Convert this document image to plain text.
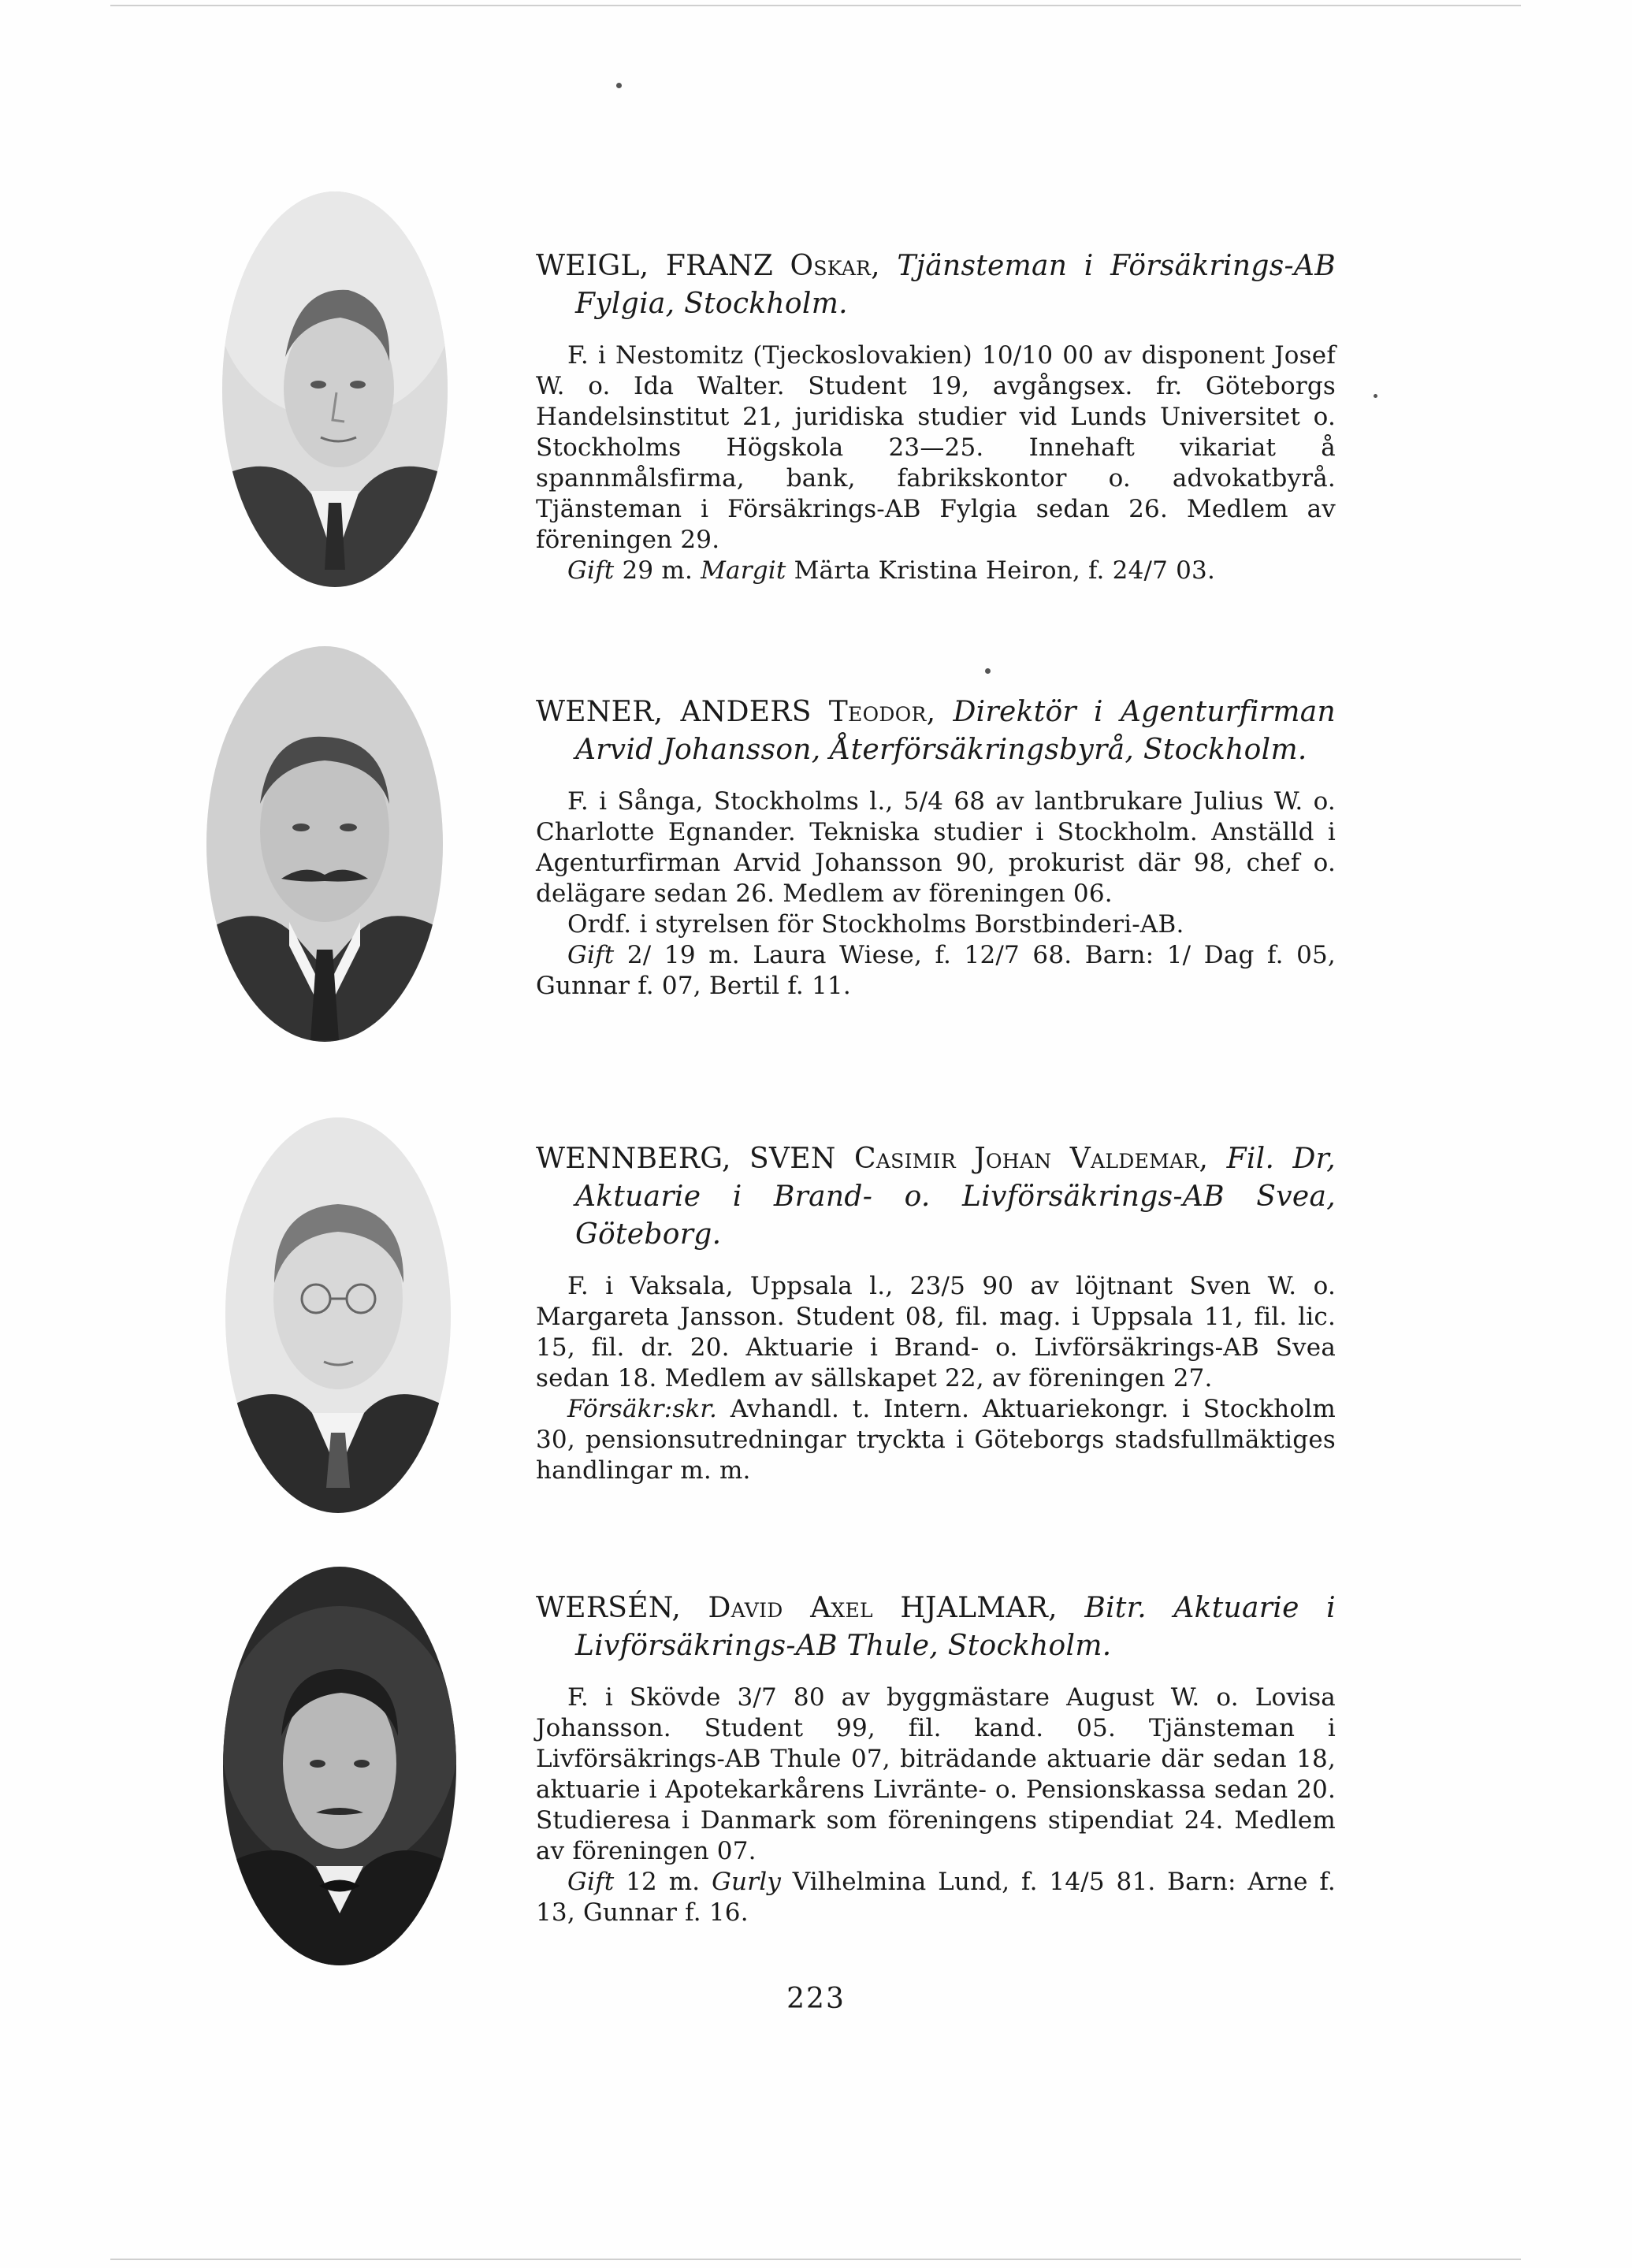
WEIGL, FRANZ Oskar, Tjänsteman i Försäkrings-AB Fylgia, Stockholm.

F. i Nestomitz (Tjeckoslovakien) 10/10 00 av disponent Josef W. o. Ida Walter. Student 19, avgångsex. fr. Göteborgs Handelsinstitut 21, juridiska studier vid Lunds Universitet o. Stockholms Högskola 23—25. Innehaft vikariat å spannmålsfirma, bank, fabrikskontor o. advokatbyrå. Tjänsteman i Försäkrings-AB Fylgia sedan 26. Medlem av föreningen 29.

Gift 29 m. Margit Märta Kristina Heiron, f. 24/7 03.

WENER, ANDERS Teodor, Direktör i Agenturfirman Arvid Johansson, Återförsäkringsbyrå, Stockholm.

F. i Sånga, Stockholms l., 5/4 68 av lantbrukare Julius W. o. Charlotte Egnander. Tekniska studier i Stockholm. Anställd i Agenturfirman Arvid Johansson 90, prokurist där 98, chef o. delägare sedan 26. Medlem av föreningen 06.

Ordf. i styrelsen för Stockholms Borstbinderi-AB.

Gift 2/ 19 m. Laura Wiese, f. 12/7 68. Barn: 1/ Dag f. 05, Gunnar f. 07, Bertil f. 11.

WENNBERG, SVEN Casimir Johan Valdemar, Fil. Dr, Aktuarie i Brand- o. Livförsäkrings-AB Svea, Göteborg.

F. i Vaksala, Uppsala l., 23/5 90 av löjtnant Sven W. o. Margareta Jansson. Student 08, fil. mag. i Uppsala 11, fil. lic. 15, fil. dr. 20. Aktuarie i Brand- o. Livförsäkrings-AB Svea sedan 18. Medlem av sällskapet 22, av föreningen 27.

Försäkr:skr. Avhandl. t. Intern. Aktuariekongr. i Stockholm 30, pensionsutredningar tryckta i Göteborgs stadsfullmäktiges handlingar m. m.

WERSÉN, David Axel HJALMAR, Bitr. Aktuarie i Livförsäkrings-AB Thule, Stockholm.

F. i Skövde 3/7 80 av byggmästare August W. o. Lovisa Johansson. Student 99, fil. kand. 05. Tjänsteman i Livförsäkrings-AB Thule 07, biträdande aktuarie där sedan 18, aktuarie i Apotekarkårens Livränte- o. Pensionskassa sedan 20. Studieresa i Danmark som föreningens stipendiat 24. Medlem av föreningen 07.

Gift 12 m. Gurly Vilhelmina Lund, f. 14/5 81. Barn: Arne f. 13, Gunnar f. 16.

223
